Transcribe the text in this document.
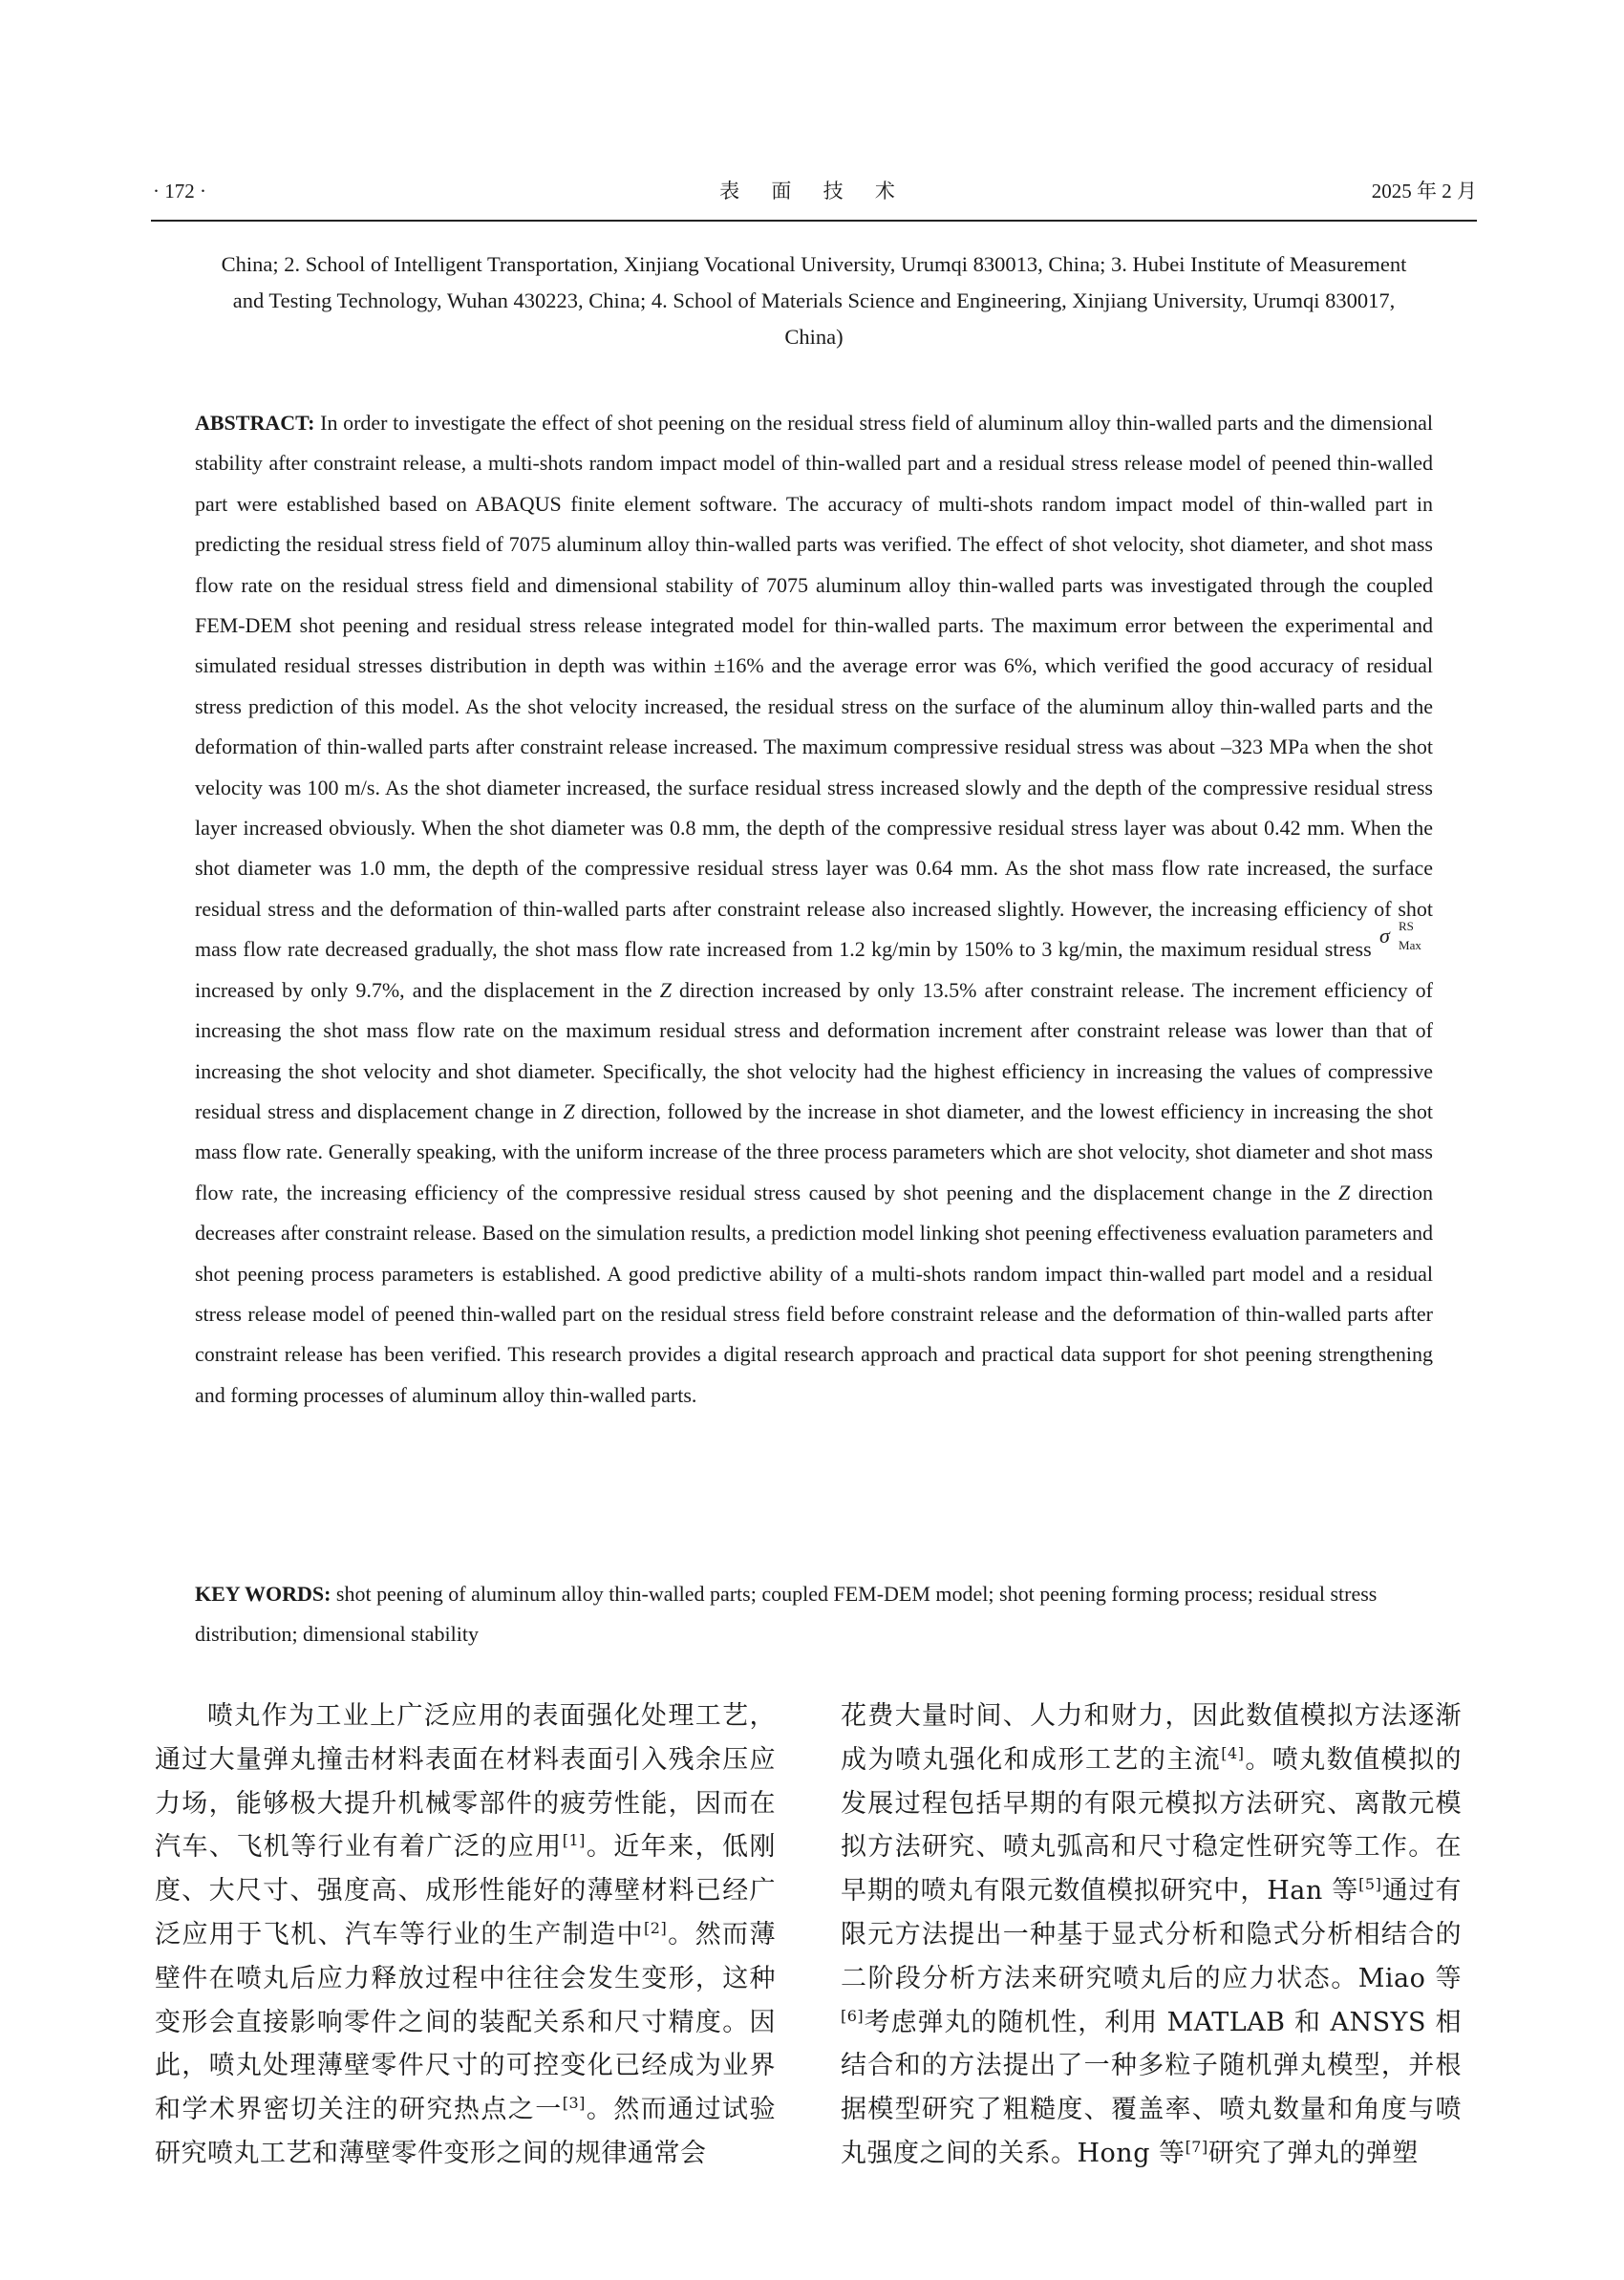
· 172 ·	表 面 技 术	2025 年 2 月
China; 2. School of Intelligent Transportation, Xinjiang Vocational University, Urumqi 830013, China; 3. Hubei Institute of Measurement and Testing Technology, Wuhan 430223, China; 4. School of Materials Science and Engineering, Xinjiang University, Urumqi 830017, China)

ABSTRACT: In order to investigate the effect of shot peening on the residual stress field of aluminum alloy thin-walled parts and the dimensional stability after constraint release, a multi-shots random impact model of thin-walled part and a residual stress release model of peened thin-walled part were established based on ABAQUS finite element software. The accuracy of multi-shots random impact model of thin-walled part in predicting the residual stress field of 7075 aluminum alloy thin-walled parts was verified. The effect of shot velocity, shot diameter, and shot mass flow rate on the residual stress field and dimensional stability of 7075 aluminum alloy thin-walled parts was investigated through the coupled FEM-DEM shot peening and residual stress release integrated model for thin-walled parts. The maximum error between the experimental and simulated residual stresses distribution in depth was within ±16% and the average error was 6%, which verified the good accuracy of residual stress prediction of this model. As the shot velocity increased, the residual stress on the surface of the aluminum alloy thin-walled parts and the deformation of thin-walled parts after constraint release increased. The maximum compressive residual stress was about –323 MPa when the shot velocity was 100 m/s. As the shot diameter increased, the surface residual stress increased slowly and the depth of the compressive residual stress layer increased obviously. When the shot diameter was 0.8 mm, the depth of the compressive residual stress layer was about 0.42 mm. When the shot diameter was 1.0 mm, the depth of the compressive residual stress layer was 0.64 mm. As the shot mass flow rate increased, the surface residual stress and the deformation of thin-walled parts after constraint release also increased slightly. However, the increasing efficiency of shot mass flow rate decreased gradually, the shot mass flow rate increased from 1.2 kg/min by 150% to 3 kg/min, the maximum residual stress
σ RS
Max
increased by only 9.7%, and the displacement in the Z direction increased by only 13.5% after constraint release. The increment efficiency of increasing the shot mass flow rate on the maximum residual stress and deformation increment after constraint release was lower than that of increasing the shot velocity and shot diameter. Specifically, the shot velocity had the highest efficiency in increasing the values of compressive residual stress and displacement change in Z direction, followed by the increase in shot diameter, and the lowest efficiency in increasing the shot mass flow rate. Generally speaking, with the uniform increase of the three process parameters which are shot velocity, shot diameter and shot mass flow rate, the increasing efficiency of the compressive residual stress caused by shot peening and the displacement change in the Z direction decreases after constraint release. Based on the simulation results, a prediction model linking shot peening effectiveness evaluation parameters and shot peening process parameters is established. A good predictive ability of a multi-shots random impact thin-walled part model and a residual stress release model of peened thin-walled part on the residual stress field before constraint release and the deformation of thin-walled parts after constraint release has been verified. This research provides a digital research approach and practical data support for shot peening strengthening and forming processes of aluminum alloy thin-walled parts.

KEY WORDS: shot peening of aluminum alloy thin-walled parts; coupled FEM-DEM model; shot peening forming process; residual stress distribution; dimensional stability

喷丸作为工业上广泛应用的表面强化处理工艺，通过大量弹丸撞击材料表面在材料表面引入残余压应力场，能够极大提升机械零部件的疲劳性能，因而在汽车、飞机等行业有着广泛的应用[1]。近年来，低刚度、大尺寸、强度高、成形性能好的薄壁材料已经广泛应用于飞机、汽车等行业的生产制造中[2]。然而薄壁件在喷丸后应力释放过程中往往会发生变形，这种变形会直接影响零件之间的装配关系和尺寸精度。因此，喷丸处理薄壁零件尺寸的可控变化已经成为业界和学术界密切关注的研究热点之一[3]。然而通过试验研究喷丸工艺和薄壁零件变形之间的规律通常会

花费大量时间、人力和财力，因此数值模拟方法逐渐成为喷丸强化和成形工艺的主流[4]。喷丸数值模拟的发展过程包括早期的有限元模拟方法研究、离散元模拟方法研究、喷丸弧高和尺寸稳定性研究等工作。在早期的喷丸有限元数值模拟研究中，Han 等[5]通过有限元方法提出一种基于显式分析和隐式分析相结合的二阶段分析方法来研究喷丸后的应力状态。Miao 等[6]考虑弹丸的随机性，利用 MATLAB 和 ANSYS 相结合和的方法提出了一种多粒子随机弹丸模型，并根据模型研究了粗糙度、覆盖率、喷丸数量和角度与喷丸强度之间的关系。Hong 等[7]研究了弹丸的弹塑
